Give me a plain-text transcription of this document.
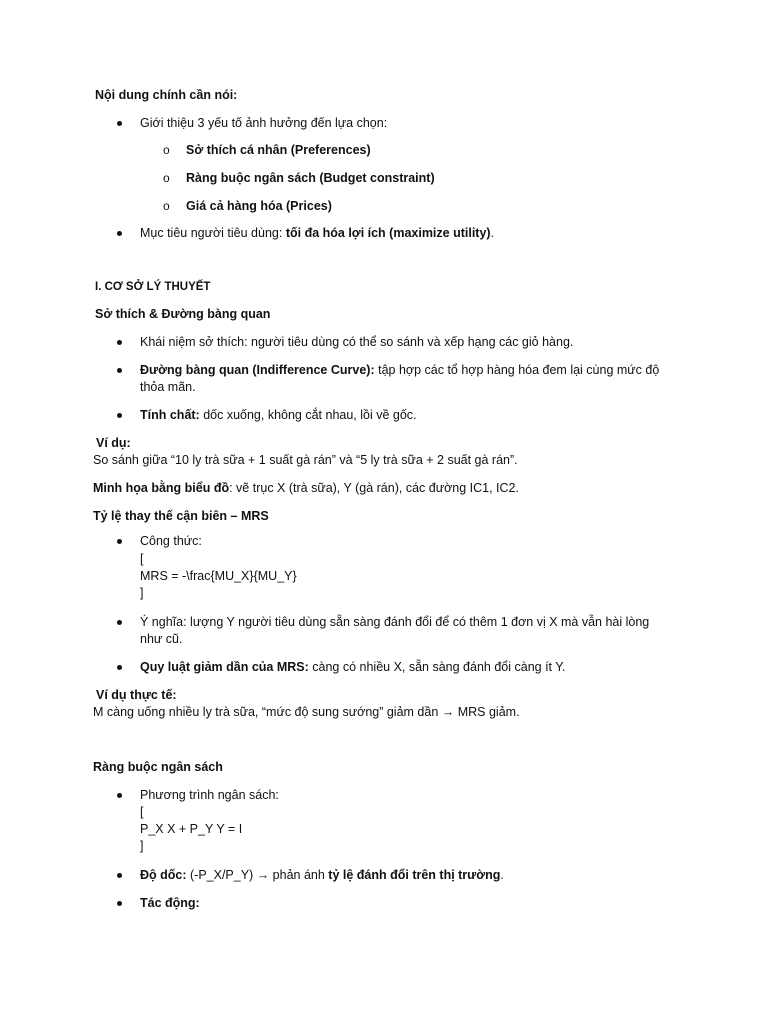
Nội dung chính cần nói:
Giới thiệu 3 yếu tố ảnh hưởng đến lựa chọn:
o Sở thích cá nhân (Preferences)
o Ràng buộc ngân sách (Budget constraint)
o Giá cả hàng hóa (Prices)
Mục tiêu người tiêu dùng: tối đa hóa lợi ích (maximize utility).
I. CƠ SỞ LÝ THUYẾT
Sở thích & Đường bàng quan
Khái niệm sở thích: người tiêu dùng có thể so sánh và xếp hạng các giỏ hàng.
Đường bàng quan (Indifference Curve): tập hợp các tổ hợp hàng hóa đem lại cùng mức độ
thỏa mãn.
Tính chất: dốc xuống, không cắt nhau, lồi về gốc.
Ví dụ:
So sánh giữa “10 ly trà sữa + 1 suất gà rán” và “5 ly trà sữa + 2 suất gà rán”.
Minh họa bằng biểu đồ: vẽ trục X (trà sữa), Y (gà rán), các đường IC1, IC2.
Tỷ lệ thay thế cận biên – MRS
Công thức:
[
MRS = -\frac{MU_X}{MU_Y}
]
Ý nghĩa: lượng Y người tiêu dùng sẵn sàng đánh đổi để có thêm 1 đơn vị X mà vẫn hài lòng
như cũ.
Quy luật giảm dần của MRS: càng có nhiều X, sẵn sàng đánh đổi càng ít Y.
Ví dụ thực tế:
M càng uống nhiều ly trà sữa, “mức độ sung sướng” giảm dần → MRS giảm.
Ràng buộc ngân sách
Phương trình ngân sách:
[
P_X X + P_Y Y = I
]
Độ dốc: (-P_X/P_Y) → phản ánh tỷ lệ đánh đổi trên thị trường.
Tác động:
